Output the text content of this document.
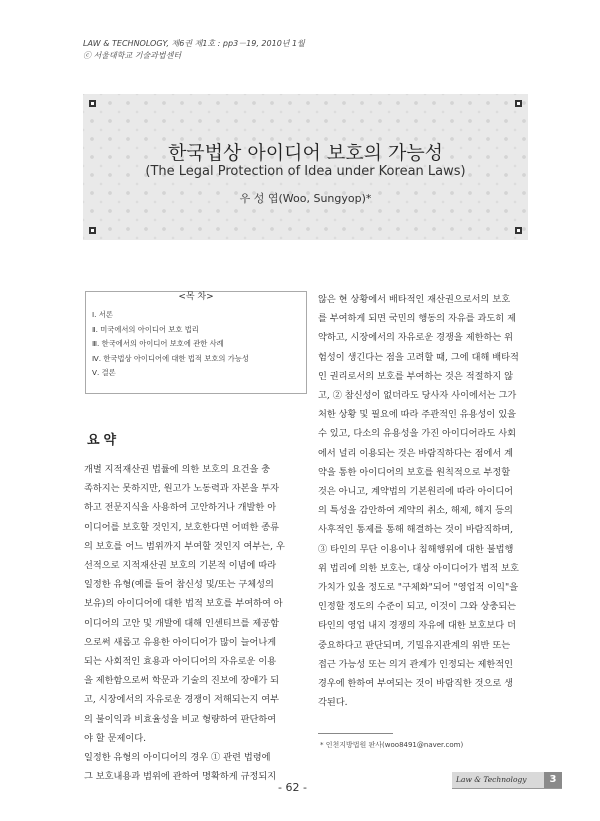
LAW & TECHNOLOGY, 제6권 제1호 : pp3－19, 2010년 1월
ⓒ 서울대학교 기술과법센터
한국법상 아이디어 보호의 가능성
(The Legal Protection of Idea under Korean Laws)
우 성 엽(Woo, Sungyop)*
<목 차>
Ⅰ. 서론
Ⅱ. 미국에서의 아이디어 보호 법리
Ⅲ. 한국에서의 아이디어 보호에 관한 사례
Ⅳ. 한국법상 아이디어에 대한 법적 보호의 가능성
Ⅴ. 결론
요약
개별 지적재산권 법률에 의한 보호의 요건을 충
족하지는 못하지만, 원고가 노동력과 자본을 투자
하고 전문지식을 사용하여 고안하거나 개발한 아
이디어를 보호할 것인지, 보호한다면 어떠한 종류
의 보호를 어느 범위까지 부여할 것인지 여부는, 우
선적으로 지적재산권 보호의 기본적 이념에 따라
일정한 유형(예를 들어 참신성 및/또는 구체성의
보유)의 아이디어에 대한 법적 보호를 부여하여 아
이디어의 고안 및 개발에 대해 인센티브를 제공함
으로써 새롭고 유용한 아이디어가 많이 늘어나게
되는 사회적인 효용과 아이디어의 자유로운 이용
을 제한함으로써 학문과 기술의 진보에 장애가 되
고, 시장에서의 자유로운 경쟁이 저해되는지 여부
의 불이익과 비효율성을 비교 형량하여 판단하여
야 할 문제이다.
일정한 유형의 아이디어의 경우 ① 관련 법령에
그 보호내용과 범위에 관하여 명확하게 규정되지
않은 현 상황에서 배타적인 재산권으로서의 보호
를 부여하게 되면 국민의 행동의 자유를 과도히 제
약하고, 시장에서의 자유로운 경쟁을 제한하는 위
험성이 생긴다는 점을 고려할 때, 그에 대해 배타적
인 권리로서의 보호를 부여하는 것은 적절하지 않
고, ② 참신성이 없더라도 당사자 사이에서는 그가
처한 상황 및 필요에 따라 주관적인 유용성이 있을
수 있고, 다소의 유용성을 가진 아이디어라도 사회
에서 널리 이용되는 것은 바람직하다는 점에서 계
약을 통한 아이디어의 보호를 원칙적으로 부정할
것은 아니고, 계약법의 기본원리에 따라 아이디어
의 특성을 감안하여 계약의 취소, 해제, 해지 등의
사후적인 통제를 통해 해결하는 것이 바람직하며,
③ 타인의 무단 이용이나 침해행위에 대한 불법행
위 법리에 의한 보호는, 대상 아이디어가 법적 보호
가치가 있을 정도로 "구체화"되어 "영업적 이익"을
인정할 정도의 수준이 되고, 이것이 그와 상충되는
타인의 영업 내지 경쟁의 자유에 대한 보호보다 더
중요하다고 판단되며, 기밀유지관계의 위반 또는
접근 가능성 또는 의거 관계가 인정되는 제한적인
경우에 한하여 부여되는 것이 바람직한 것으로 생
각된다.
* 인천지방법원 판사(woo8491@naver.com)
- 62 -
Law & Technology	3
